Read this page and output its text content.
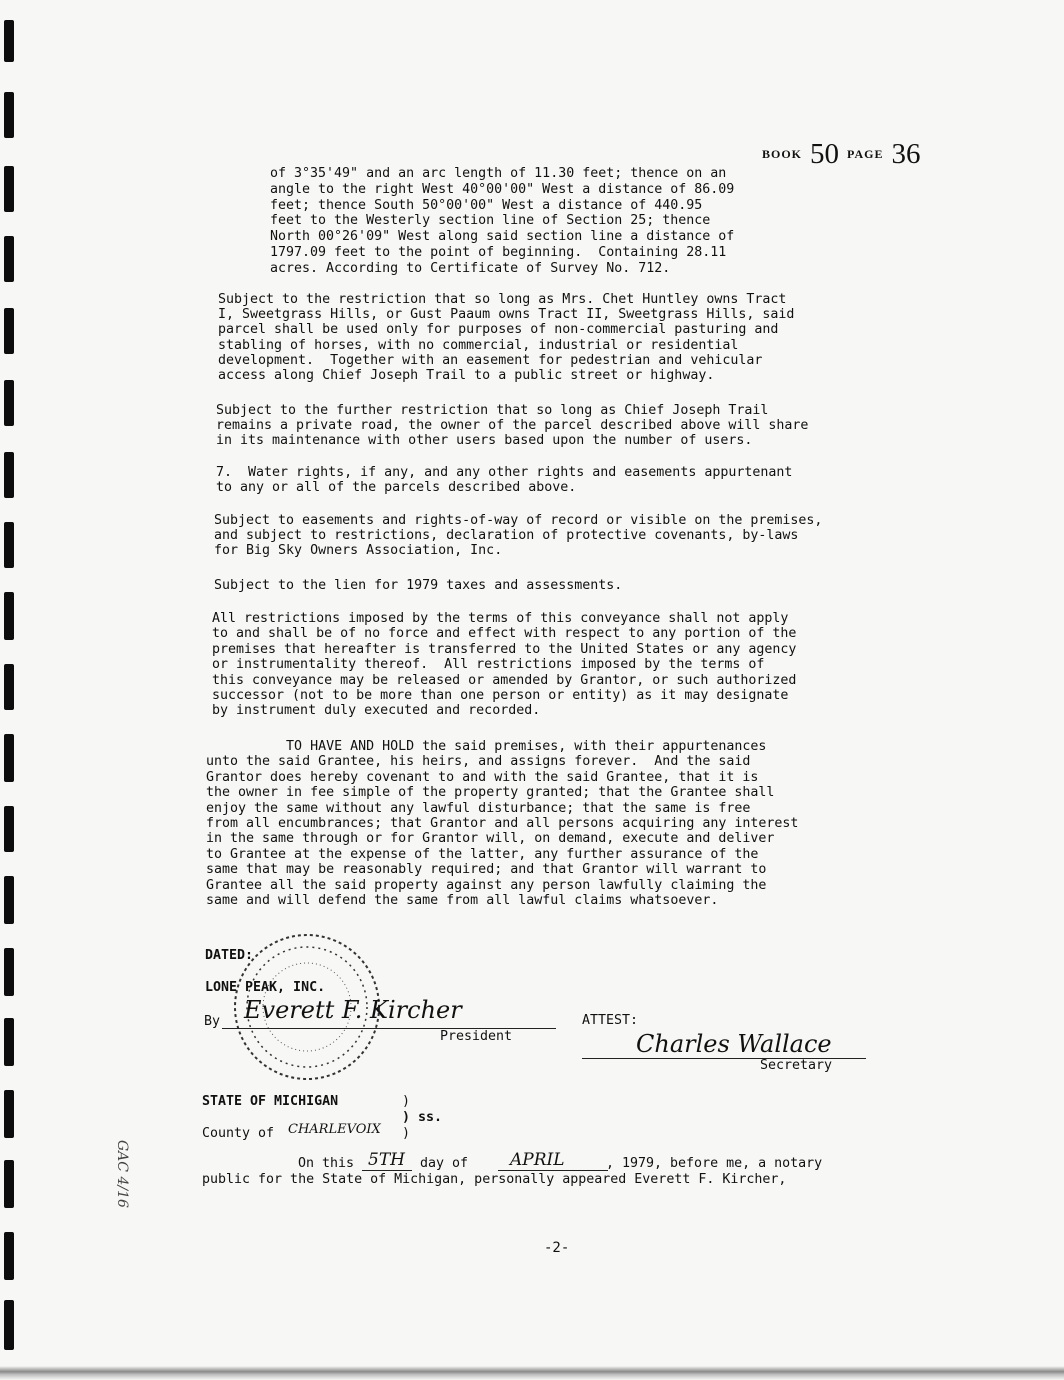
BOOK 50 PAGE 36
of 3°35'49" and an arc length of 11.30 feet; thence on an
angle to the right West 40°00'00" West a distance of 86.09
feet; thence South 50°00'00" West a distance of 440.95
feet to the Westerly section line of Section 25; thence
North 00°26'09" West along said section line a distance of
1797.09 feet to the point of beginning.  Containing 28.11
acres. According to Certificate of Survey No. 712.
Subject to the restriction that so long as Mrs. Chet Huntley owns Tract
I, Sweetgrass Hills, or Gust Paaum owns Tract II, Sweetgrass Hills, said
parcel shall be used only for purposes of non-commercial pasturing and
stabling of horses, with no commercial, industrial or residential
development.  Together with an easement for pedestrian and vehicular
access along Chief Joseph Trail to a public street or highway.
Subject to the further restriction that so long as Chief Joseph Trail
remains a private road, the owner of the parcel described above will share
in its maintenance with other users based upon the number of users.
7.  Water rights, if any, and any other rights and easements appurtenant
to any or all of the parcels described above.
Subject to easements and rights-of-way of record or visible on the premises,
and subject to restrictions, declaration of protective covenants, by-laws
for Big Sky Owners Association, Inc.
Subject to the lien for 1979 taxes and assessments.
All restrictions imposed by the terms of this conveyance shall not apply
to and shall be of no force and effect with respect to any portion of the
premises that hereafter is transferred to the United States or any agency
or instrumentality thereof.  All restrictions imposed by the terms of
this conveyance may be released or amended by Grantor, or such authorized
successor (not to be more than one person or entity) as it may designate
by instrument duly executed and recorded.
TO HAVE AND HOLD the said premises, with their appurtenances
unto the said Grantee, his heirs, and assigns forever.  And the said
Grantor does hereby covenant to and with the said Grantee, that it is
the owner in fee simple of the property granted; that the Grantee shall
enjoy the same without any lawful disturbance; that the same is free
from all encumbrances; that Grantor and all persons acquiring any interest
in the same through or for Grantor will, on demand, execute and deliver
to Grantee at the expense of the latter, any further assurance of the
same that may be reasonably required; and that Grantor will warrant to
Grantee all the said property against any person lawfully claiming the
same and will defend the same from all lawful claims whatsoever.
DATED:
LONE PEAK, INC.
By Everett F. Kircher
President
ATTEST:
Charles Wallace
Secretary
STATE OF MICHIGAN	)
) ss.
County of CHARLEVOIX )
On this 5TH day of APRIL	, 1979, before me, a notary
public for the State of Michigan, personally appeared Everett F. Kircher,
GAC 4/16
-2-
